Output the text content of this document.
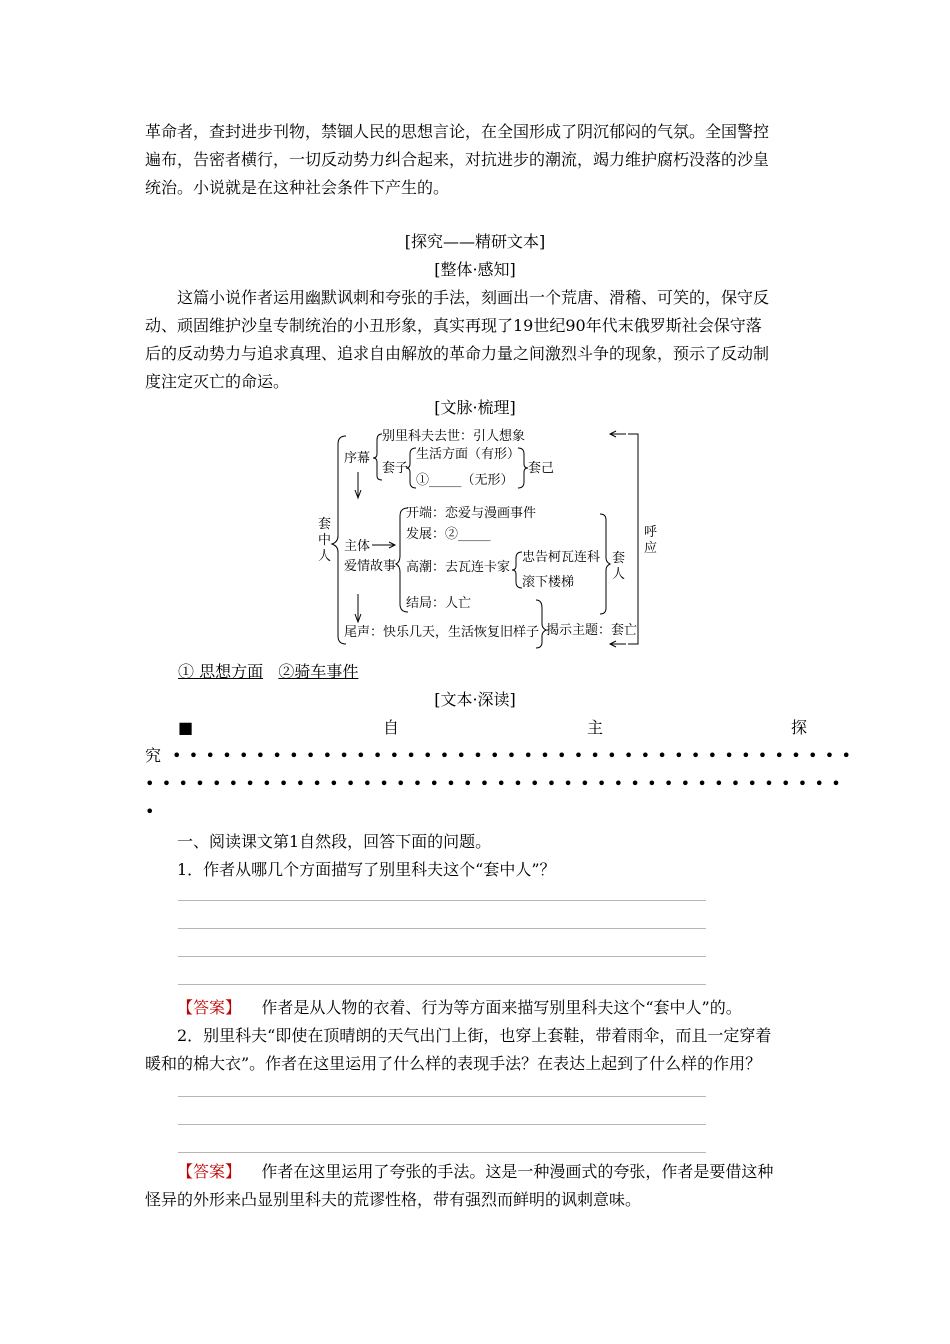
革命者，查封进步刊物，禁锢人民的思想言论，在全国形成了阴沉郁闷的气氛。全国警控
遍布，告密者横行，一切反动势力纠合起来，对抗进步的潮流，竭力维护腐朽没落的沙皇
统治。小说就是在这种社会条件下产生的。
[探究——精研文本]
[整体·感知]
这篇小说作者运用幽默讽刺和夸张的手法，刻画出一个荒唐、滑稽、可笑的，保守反
动、顽固维护沙皇专制统治的小丑形象，真实再现了19世纪90年代末俄罗斯社会保守落
后的反动势力与追求真理、追求自由解放的革命力量之间激烈斗争的现象，预示了反动制
度注定灭亡的命运。
[文脉·梳理]
套
中
人
序幕
别里科夫去世：引人想象
套子
生活方面（有形）
①_____（无形）
套己
主体
爱情故事
开端：恋爱与漫画事件
发展：②_____
高潮：去瓦连卡家
忠告柯瓦连科
滚下楼梯
结局：人亡
套
人
尾声：快乐几天，生活恢复旧样子 揭示主题：套亡
呼
应
① 思想方面 ②骑车事件
[文本·深读]
■	自	主	探
究 •••••••••••••••••••••••••••••••••••••••••
••••••••••••••••••••••••••••••••••••••••••
•
一、阅读课文第1自然段，回答下面的问题。
1．作者从哪几个方面描写了别里科夫这个“套中人”？
【答案】 作者是从人物的衣着、行为等方面来描写别里科夫这个“套中人”的。
2．别里科夫“即使在顶晴朗的天气出门上街，也穿上套鞋，带着雨伞，而且一定穿着
暖和的棉大衣”。作者在这里运用了什么样的表现手法？在表达上起到了什么样的作用？
【答案】 作者在这里运用了夸张的手法。这是一种漫画式的夸张，作者是要借这种
怪异的外形来凸显别里科夫的荒谬性格，带有强烈而鲜明的讽刺意味。
